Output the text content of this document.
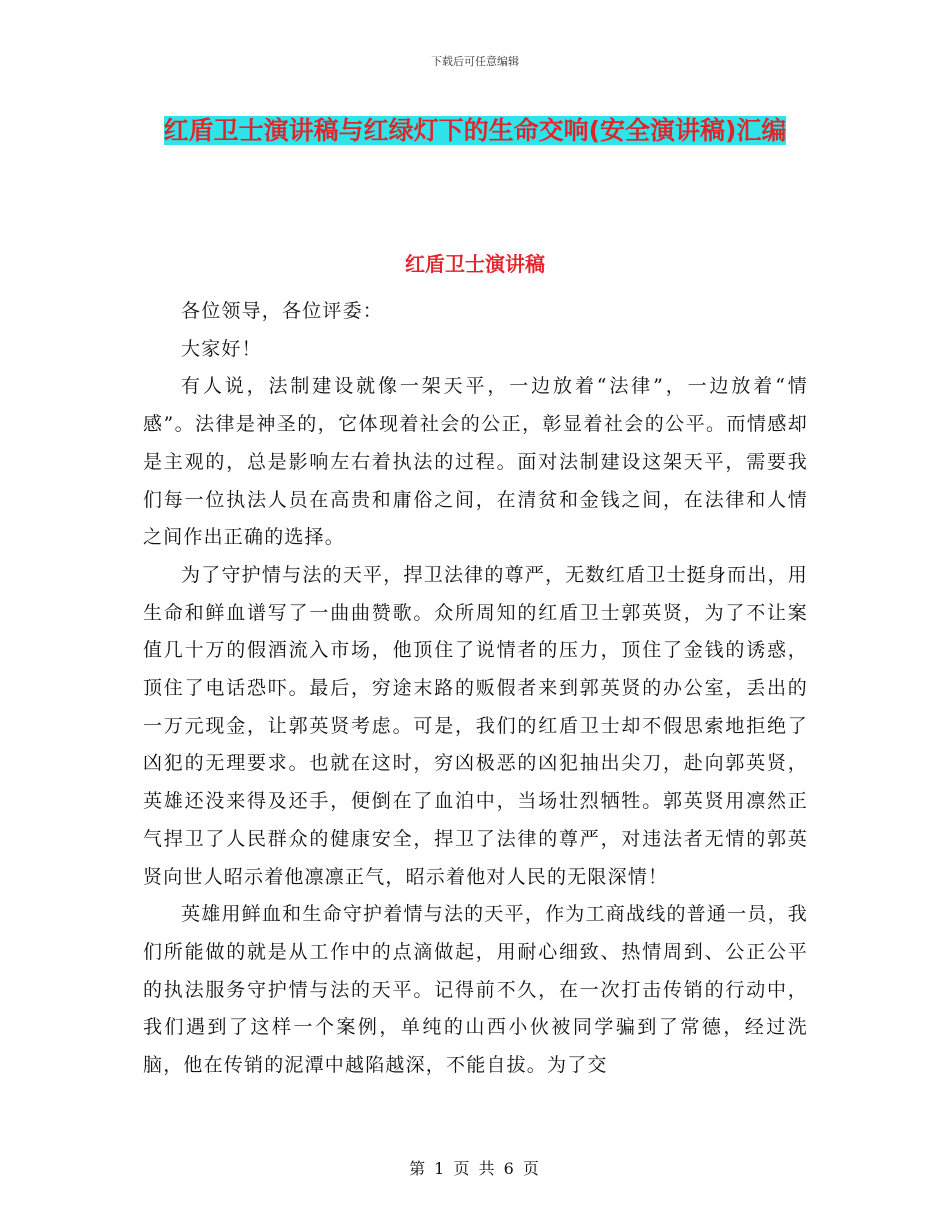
下载后可任意编辑
红盾卫士演讲稿与红绿灯下的生命交响(安全演讲稿)汇编
红盾卫士演讲稿

各位领导，各位评委：

大家好！

有人说，法制建设就像一架天平，一边放着“法律”，一边放着“情感”。法律是神圣的，它体现着社会的公正，彰显着社会的公平。而情感却是主观的，总是影响左右着执法的过程。面对法制建设这架天平，需要我们每一位执法人员在高贵和庸俗之间，在清贫和金钱之间，在法律和人情之间作出正确的选择。

为了守护情与法的天平，捍卫法律的尊严，无数红盾卫士挺身而出，用生命和鲜血谱写了一曲曲赞歌。众所周知的红盾卫士郭英贤，为了不让案值几十万的假酒流入市场，他顶住了说情者的压力，顶住了金钱的诱惑，顶住了电话恐吓。最后，穷途末路的贩假者来到郭英贤的办公室，丢出的一万元现金，让郭英贤考虑。可是，我们的红盾卫士却不假思索地拒绝了凶犯的无理要求。也就在这时，穷凶极恶的凶犯抽出尖刀，赴向郭英贤，英雄还没来得及还手，便倒在了血泊中，当场壮烈牺牲。郭英贤用凛然正气捍卫了人民群众的健康安全，捍卫了法律的尊严，对违法者无情的郭英贤向世人昭示着他凛凛正气，昭示着他对人民的无限深情！

英雄用鲜血和生命守护着情与法的天平，作为工商战线的普通一员，我们所能做的就是从工作中的点滴做起，用耐心细致、热情周到、公正公平的执法服务守护情与法的天平。记得前不久，在一次打击传销的行动中，我们遇到了这样一个案例，单纯的山西小伙被同学骗到了常德，经过洗脑，他在传销的泥潭中越陷越深，不能自拔。为了交

第 1 页 共 6 页
